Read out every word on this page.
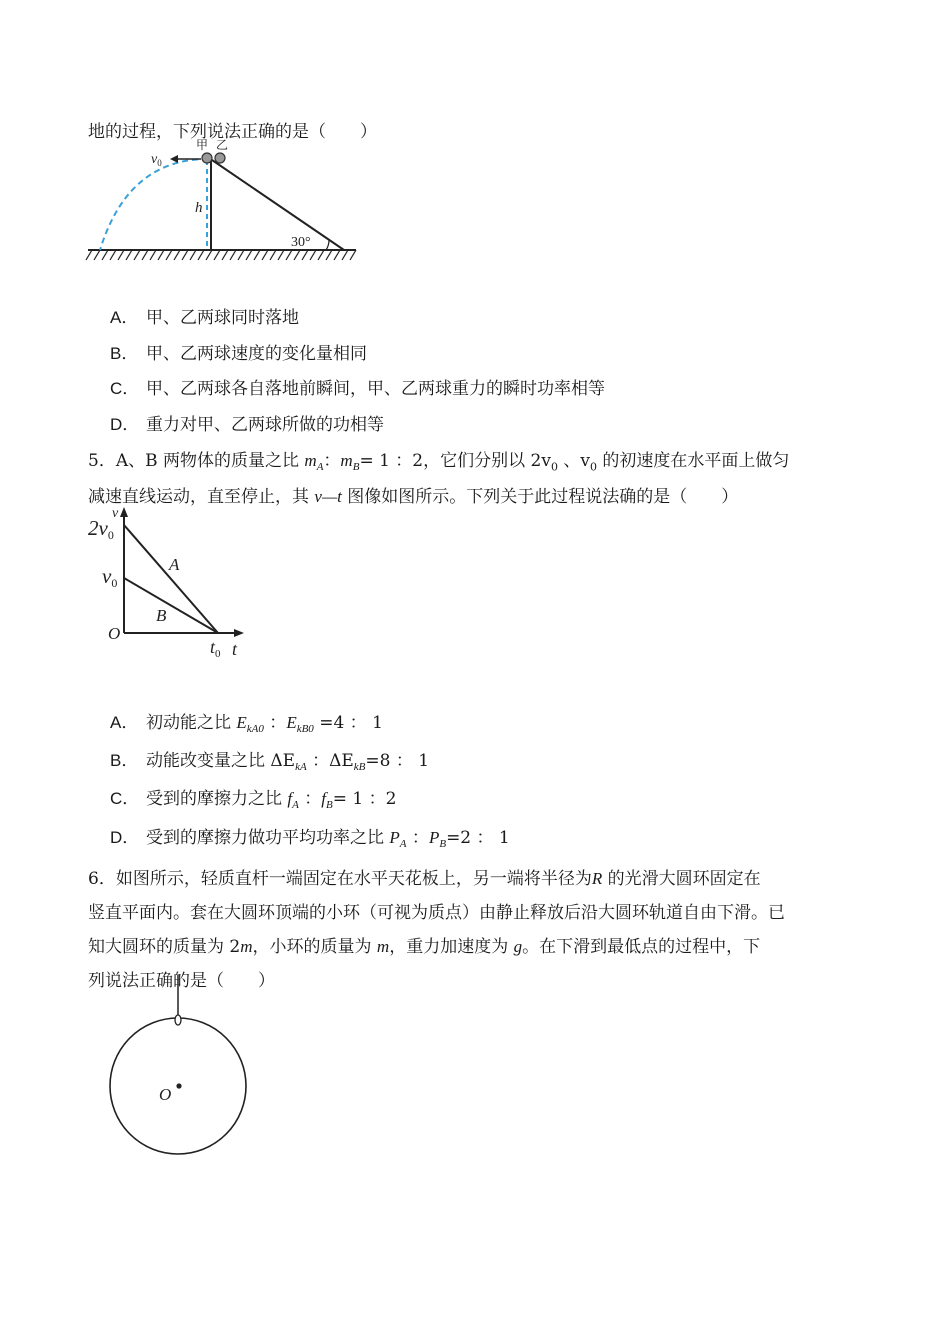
地的过程，下列说法正确的是（　　）
30°
甲 乙
$v_0$
h
A． 甲、乙两球同时落地
B． 甲、乙两球速度的变化量相同
C． 甲、乙两球各自落地前瞬间，甲、乙两球重力的瞬时功率相等
D． 重力对甲、乙两球所做的功相等
5．A、B 两物体的质量之比 $m_A$：$m_B= 1$ ：2，它们分别以 $2v_0$ 、$v_0$ 的初速度在水平面上做匀
减速直线运动，直至停止，其 v—t 图像如图所示。下列关于此过程说法确的是（　　）
v
t
O
2v0
v0
$t_0$
A
B
A． 初动能之比 $E_{kA0}$ ：$E_{kB0} =4$ ： 1
B． 动能改变量之比 $\Delta E_{kA}$ ：$\Delta E_{kB}=8$ ： 1
C． 受到的摩擦力之比 $f_A$ ：$f_B= 1$ ：2
D． 受到的摩擦力做功平均功率之比 $P_A$ ：$P_B=2$ ： 1
6．如图所示，轻质直杆一端固定在水平天花板上，另一端将半径为R 的光滑大圆环固定在
竖直平面内。套在大圆环顶端的小环（可视为质点）由静止释放后沿大圆环轨道自由下滑。已
知大圆环的质量为 2m，小环的质量为 m，重力加速度为 g。在下滑到最低点的过程中，下
列说法正确的是（　　）
O
